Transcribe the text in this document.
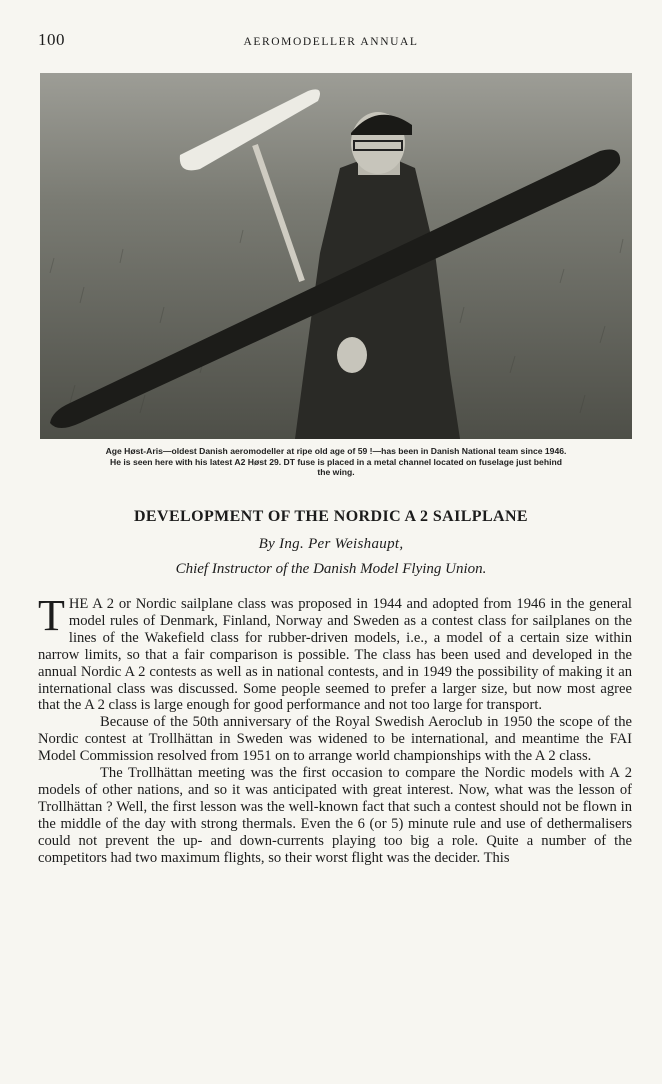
100	AEROMODELLER ANNUAL
Age Høst-Aris—oldest Danish aeromodeller at ripe old age of 59 !—has been in Danish National team since 1946.
He is seen here with his latest A2 Høst 29. DT fuse is placed in a metal channel located on fuselage just behind
the wing.
DEVELOPMENT OF THE NORDIC A 2 SAILPLANE
By Ing. Per Weishaupt,
Chief Instructor of the Danish Model Flying Union.

THE A 2 or Nordic sailplane class was proposed in 1944 and adopted from 1946 in the general model rules of Denmark, Finland, Norway and Sweden as a contest class for sailplanes on the lines of the Wakefield class for rubber-driven models, i.e., a model of a certain size within narrow limits, so that a fair comparison is possible. The class has been used and developed in the annual Nordic A 2 contests as well as in national contests, and in 1949 the possibility of making it an international class was discussed. Some people seemed to prefer a larger size, but now most agree that the A 2 class is large enough for good performance and not too large for transport.

Because of the 50th anniversary of the Royal Swedish Aeroclub in 1950 the scope of the Nordic contest at Trollhättan in Sweden was widened to be international, and meantime the FAI Model Commission resolved from 1951 on to arrange world championships with the A 2 class.

The Trollhättan meeting was the first occasion to compare the Nordic models with A 2 models of other nations, and so it was anticipated with great interest. Now, what was the lesson of Trollhättan ? Well, the first lesson was the well-known fact that such a contest should not be flown in the middle of the day with strong thermals. Even the 6 (or 5) minute rule and use of dethermalisers could not prevent the up- and down-currents playing too big a role. Quite a number of the competitors had two maximum flights, so their worst flight was the decider. This
